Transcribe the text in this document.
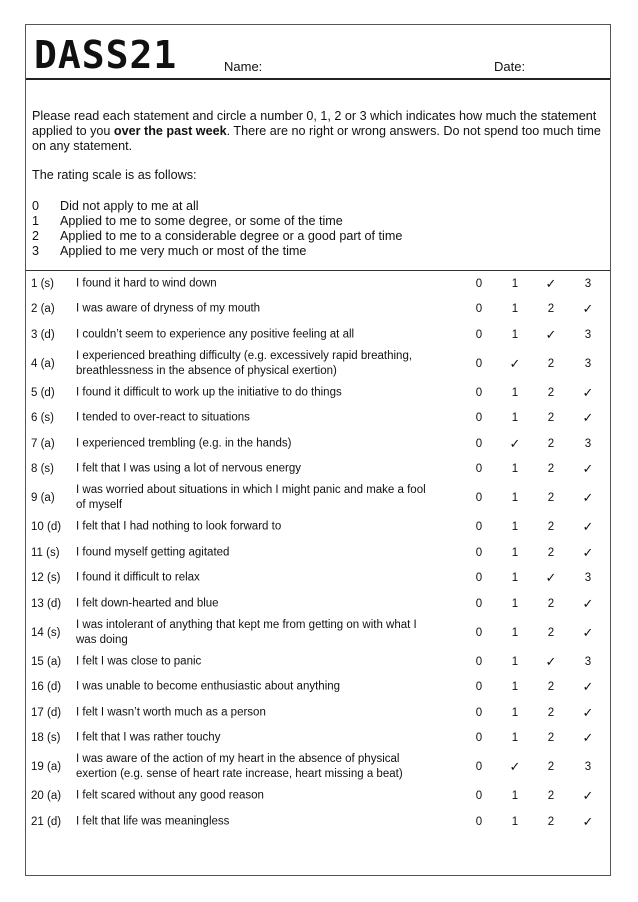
DASS21	Name:	Date:

Please read each statement and circle a number 0, 1, 2 or 3 which indicates how much the statement applied to you over the past week. There are no right or wrong answers. Do not spend too much time on any statement.

The rating scale is as follows:
0	Did not apply to me at all
1	Applied to me to some degree, or some of the time
2	Applied to me to a considerable degree or a good part of time
3	Applied to me very much or most of the time
1 (s) I found it hard to wind down	0	1	✓	3
2 (a) I was aware of dryness of my mouth	0	1	2	✓
3 (d) I couldn’t seem to experience any positive feeling at all	0	1	✓	3
4 (a)
I experienced breathing difficulty (e.g. excessively rapid breathing, breathlessness in the absence of physical exertion)
0	✓	2	3
5 (d) I found it difficult to work up the initiative to do things	0	1	2	✓
6 (s) I tended to over-react to situations	0	1	2	✓
7 (a) I experienced trembling (e.g. in the hands)	0	✓	2	3
8 (s) I felt that I was using a lot of nervous energy	0	1	2	✓
9 (a)
I was worried about situations in which I might panic and make a fool of myself
0	1	2	✓
10 (d) I felt that I had nothing to look forward to	0	1	2	✓
11 (s) I found myself getting agitated	0	1	2	✓
12 (s) I found it difficult to relax	0	1	✓	3
13 (d) I felt down-hearted and blue	0	1	2	✓
14 (s)
I was intolerant of anything that kept me from getting on with what I was doing
0	1	2	✓
15 (a) I felt I was close to panic	0	1	✓	3
16 (d) I was unable to become enthusiastic about anything	0	1	2	✓
17 (d) I felt I wasn’t worth much as a person	0	1	2	✓
18 (s) I felt that I was rather touchy	0	1	2	✓
19 (a)
I was aware of the action of my heart in the absence of physical exertion (e.g. sense of heart rate increase, heart missing a beat)
0	✓	2	3
20 (a) I felt scared without any good reason	0	1	2	✓
21 (d) I felt that life was meaningless	0	1	2	✓
